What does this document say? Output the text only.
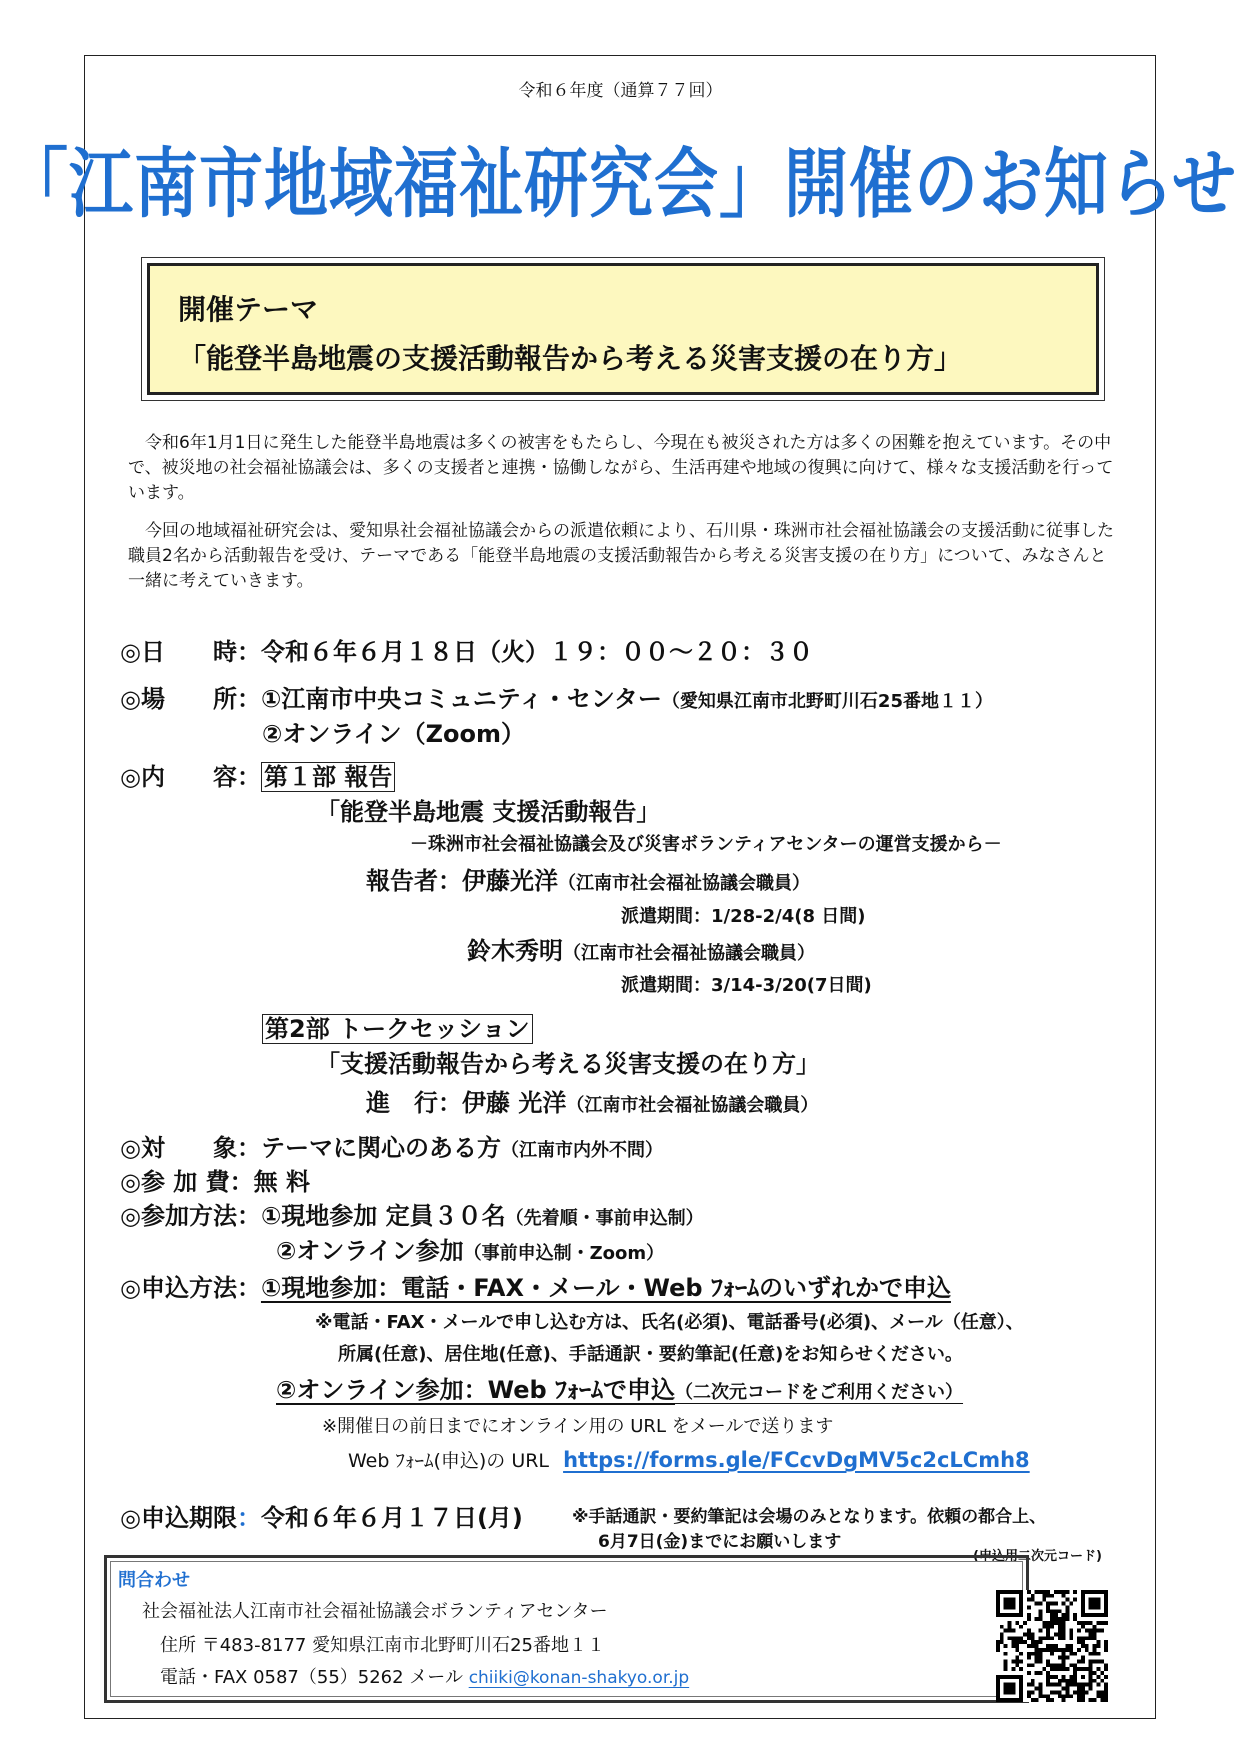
令和６年度（通算７７回）
「江南市地域福祉研究会」開催のお知らせ
開催テーマ
「能登半島地震の支援活動報告から考える災害支援の在り方」
令和6年1月1日に発生した能登半島地震は多くの被害をもたらし、今現在も被災された方は多くの困難を抱えています。その中で、被災地の社会福祉協議会は、多くの支援者と連携・協働しながら、生活再建や地域の復興に向けて、様々な支援活動を行っています。
今回の地域福祉研究会は、愛知県社会福祉協議会からの派遣依頼により、石川県・珠洲市社会福祉協議会の支援活動に従事した職員2名から活動報告を受け、テーマである「能登半島地震の支援活動報告から考える災害支援の在り方」について、みなさんと一緒に考えていきます。
◎日　　時：令和６年６月１８日（火）１９：００～２０：３０
◎場　　所：①江南市中央コミュニティ・センター（愛知県江南市北野町川石25番地１１）
②オンライン（Zoom）
◎内　　容： 第１部 報告
「能登半島地震 支援活動報告」
－珠洲市社会福祉協議会及び災害ボランティアセンターの運営支援から－
報告者：伊藤光洋（江南市社会福祉協議会職員）
派遣期間：1/28-2/4(8 日間)
鈴木秀明（江南市社会福祉協議会職員）
派遣期間：3/14-3/20(7日間)
第2部 トークセッション
「支援活動報告から考える災害支援の在り方」
進　行：伊藤 光洋（江南市社会福祉協議会職員）
◎対　　象：テーマに関心のある方（江南市内外不問）
◎参 加 費：無 料
◎参加方法：①現地参加 定員３０名（先着順・事前申込制）
②オンライン参加（事前申込制・Zoom）
◎申込方法：①現地参加：電話・FAX・メール・Web ﾌｫｰﾑのいずれかで申込
※電話・FAX・メールで申し込む方は、氏名(必須)、電話番号(必須)、メール（任意）、
所属(任意)、居住地(任意)、手話通訳・要約筆記(任意)をお知らせください。
②オンライン参加：Web ﾌｫｰﾑで申込（二次元コードをご利用ください）
※開催日の前日までにオンライン用の URL をメールで送ります
Web ﾌｫｰﾑ(申込)の URL https://forms.gle/FCcvDgMV5c2cLCmh8
◎申込期限：令和６年６月１７日(月)	※手話通訳・要約筆記は会場のみとなります。依頼の都合上、
6月7日(金)までにお願いします
(申込用二次元コード)
問合わせ
社会福祉法人江南市社会福祉協議会ボランティアセンター
住所 〒483-8177 愛知県江南市北野町川石25番地１１
電話・FAX 0587（55）5262 メール chiiki@konan-shakyo.or.jp
